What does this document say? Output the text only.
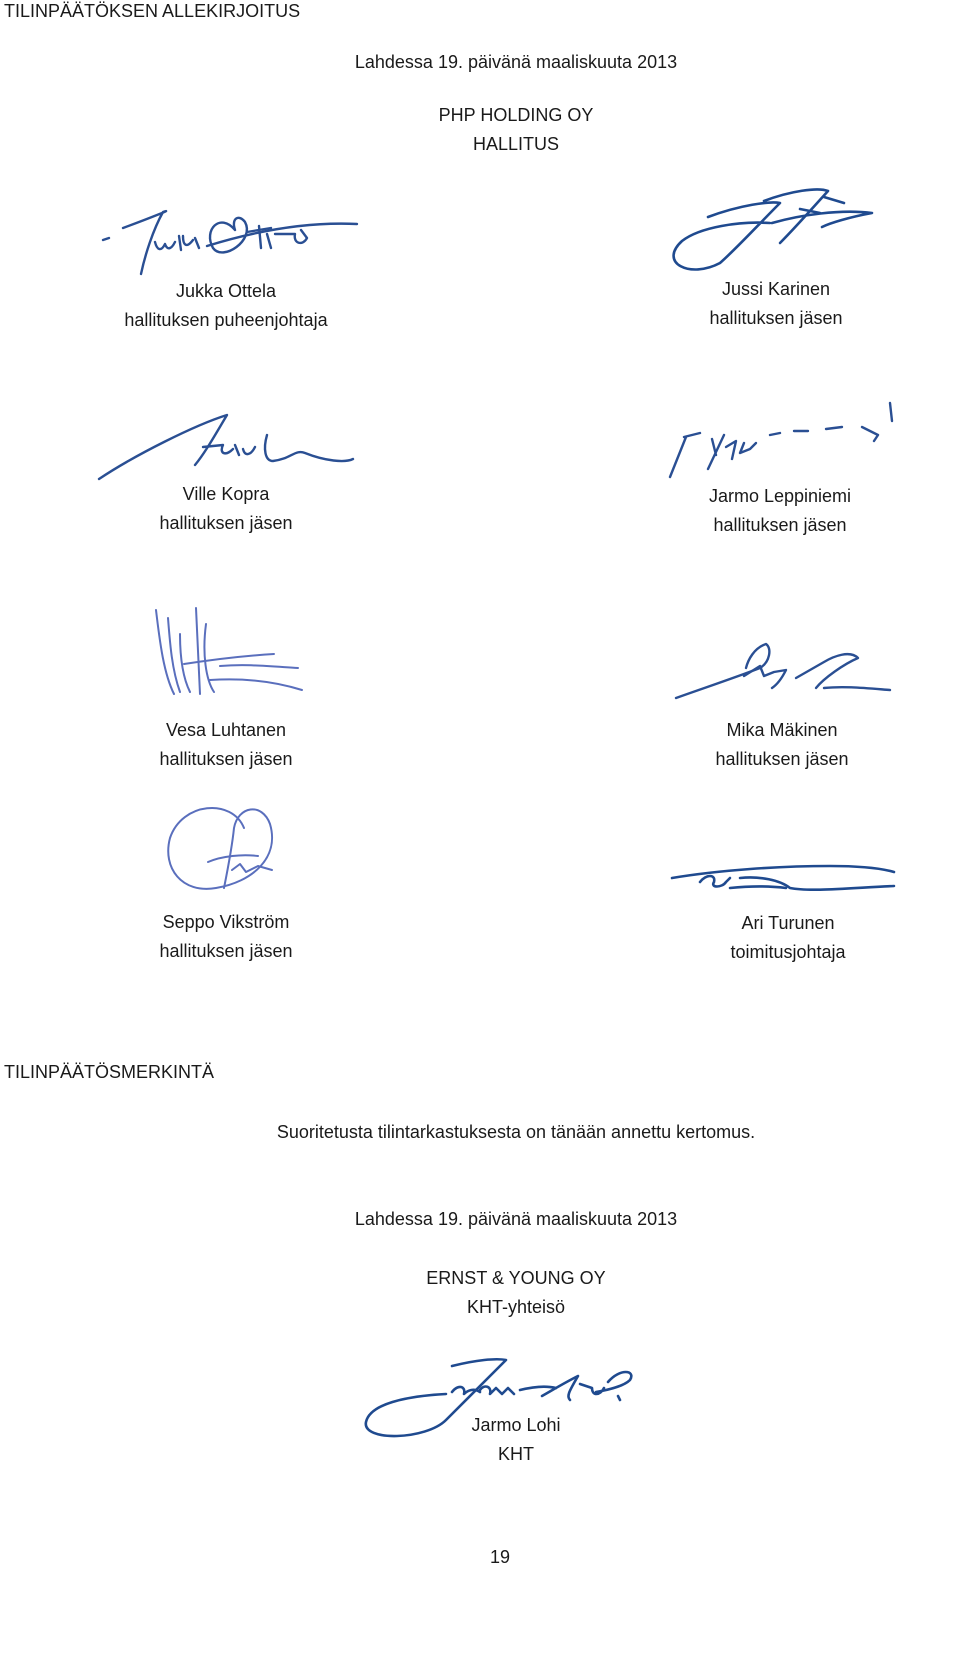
TILINPÄÄTÖKSEN ALLEKIRJOITUS
Lahdessa 19. päivänä maaliskuuta 2013
PHP HOLDING OY
HALLITUS
Jukka Ottela
hallituksen puheenjohtaja
Jussi Karinen
hallituksen jäsen
Ville Kopra
hallituksen jäsen
Jarmo Leppiniemi
hallituksen jäsen
Vesa Luhtanen
hallituksen jäsen
Mika Mäkinen
hallituksen jäsen
Seppo Vikström
hallituksen jäsen
Ari Turunen
toimitusjohtaja
TILINPÄÄTÖSMERKINTÄ
Suoritetusta tilintarkastuksesta on tänään annettu kertomus.
Lahdessa 19. päivänä maaliskuuta 2013
ERNST & YOUNG OY
KHT-yhteisö
Jarmo Lohi
KHT
19
